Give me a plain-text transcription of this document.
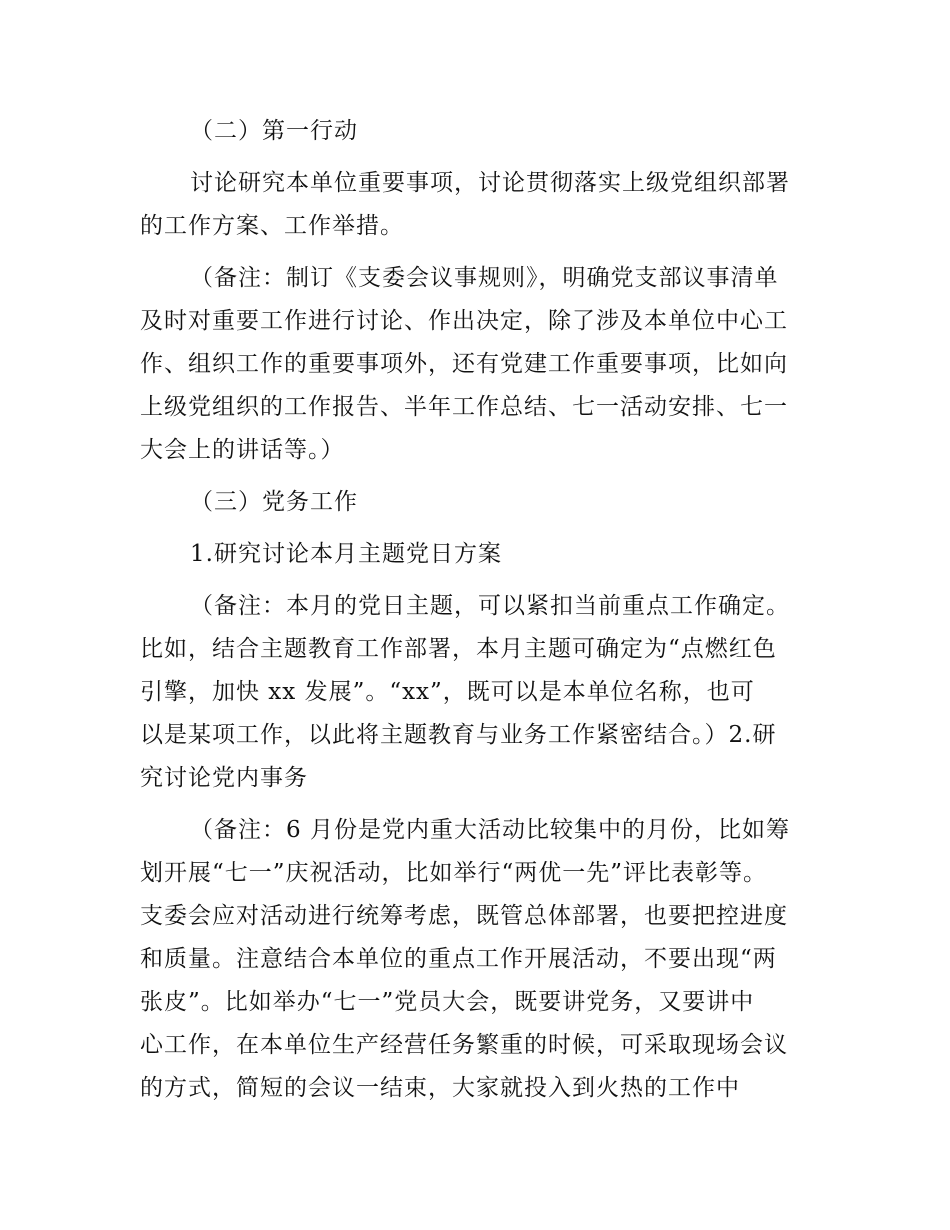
（二）第一行动
讨论研究本单位重要事项，讨论贯彻落实上级党组织部署
的工作方案、工作举措。
（备注：制订《支委会议事规则》，明确党支部议事清单
及时对重要工作进行讨论、作出决定，除了涉及本单位中心工
作、组织工作的重要事项外，还有党建工作重要事项，比如向
上级党组织的工作报告、半年工作总结、七一活动安排、七一
大会上的讲话等。）
（三）党务工作
1.研究讨论本月主题党日方案
（备注：本月的党日主题，可以紧扣当前重点工作确定。
比如，结合主题教育工作部署，本月主题可确定为“点燃红色
引擎，加快 xx 发展”。“xx”，既可以是本单位名称，也可
以是某项工作，以此将主题教育与业务工作紧密结合。）2.研
究讨论党内事务
（备注：6 月份是党内重大活动比较集中的月份，比如筹
划开展“七一”庆祝活动，比如举行“两优一先”评比表彰等。
支委会应对活动进行统筹考虑，既管总体部署，也要把控进度
和质量。注意结合本单位的重点工作开展活动，不要出现“两
张皮”。比如举办“七一”党员大会，既要讲党务，又要讲中
心工作，在本单位生产经营任务繁重的时候，可采取现场会议
的方式，简短的会议一结束，大家就投入到火热的工作中
